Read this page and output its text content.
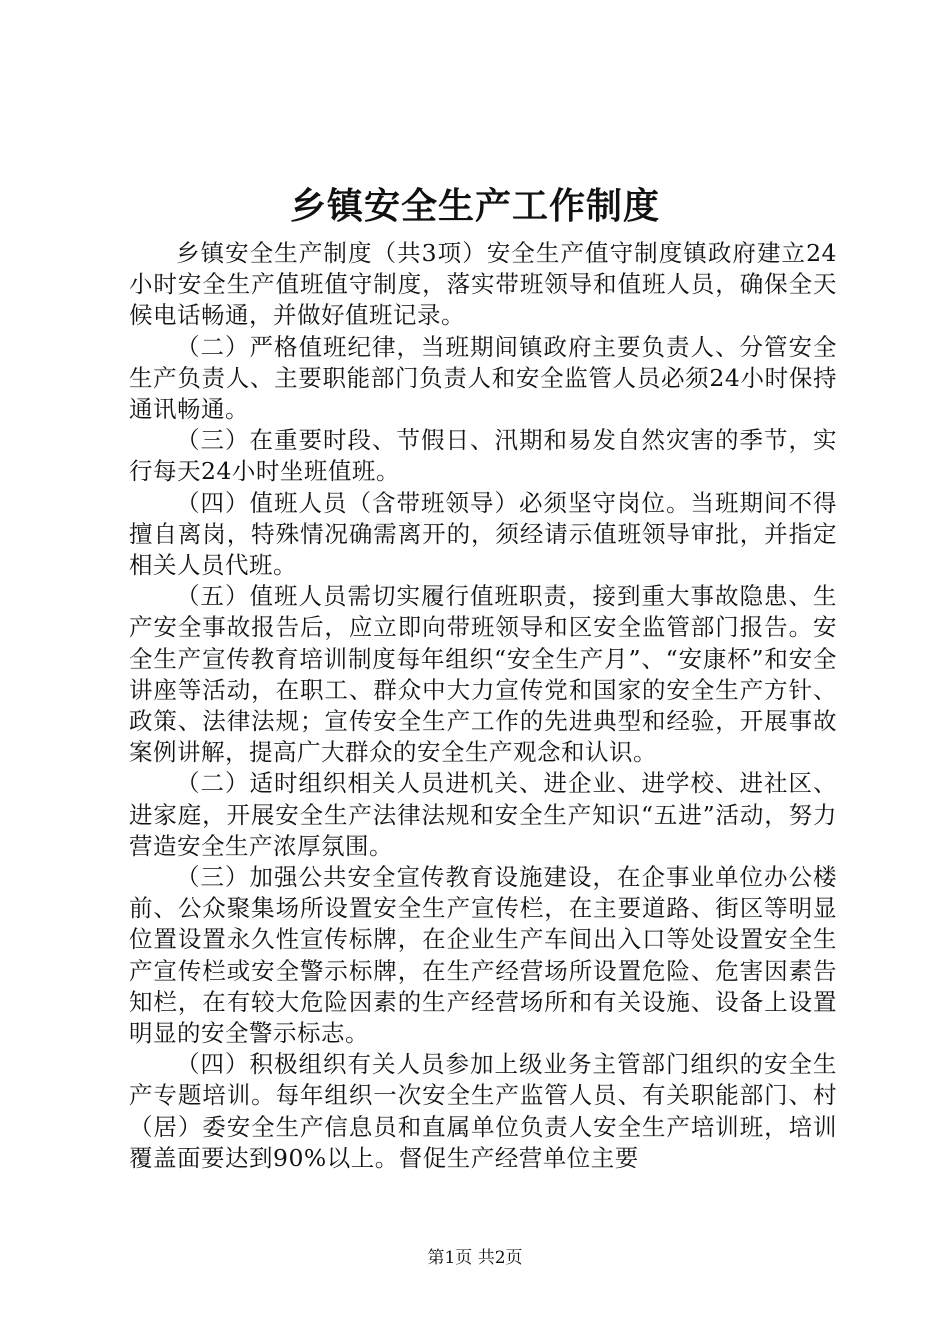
乡镇安全生产工作制度

乡镇安全生产制度（共3项）安全生产值守制度镇政府建立24小时安全生产值班值守制度，落实带班领导和值班人员，确保全天候电话畅通，并做好值班记录。

（二）严格值班纪律，当班期间镇政府主要负责人、分管安全生产负责人、主要职能部门负责人和安全监管人员必须24小时保持通讯畅通。

（三）在重要时段、节假日、汛期和易发自然灾害的季节，实行每天24小时坐班值班。

（四）值班人员（含带班领导）必须坚守岗位。当班期间不得擅自离岗，特殊情况确需离开的，须经请示值班领导审批，并指定相关人员代班。

（五）值班人员需切实履行值班职责，接到重大事故隐患、生产安全事故报告后，应立即向带班领导和区安全监管部门报告。安全生产宣传教育培训制度每年组织“安全生产月”、“安康杯”和安全讲座等活动，在职工、群众中大力宣传党和国家的安全生产方针、政策、法律法规；宣传安全生产工作的先进典型和经验，开展事故案例讲解，提高广大群众的安全生产观念和认识。

（二）适时组织相关人员进机关、进企业、进学校、进社区、进家庭，开展安全生产法律法规和安全生产知识“五进”活动，努力营造安全生产浓厚氛围。

（三）加强公共安全宣传教育设施建设，在企事业单位办公楼前、公众聚集场所设置安全生产宣传栏，在主要道路、街区等明显位置设置永久性宣传标牌，在企业生产车间出入口等处设置安全生产宣传栏或安全警示标牌，在生产经营场所设置危险、危害因素告知栏，在有较大危险因素的生产经营场所和有关设施、设备上设置明显的安全警示标志。

（四）积极组织有关人员参加上级业务主管部门组织的安全生产专题培训。每年组织一次安全生产监管人员、有关职能部门、村（居）委安全生产信息员和直属单位负责人安全生产培训班，培训覆盖面要达到90%以上。督促生产经营单位主要

第1页 共2页
